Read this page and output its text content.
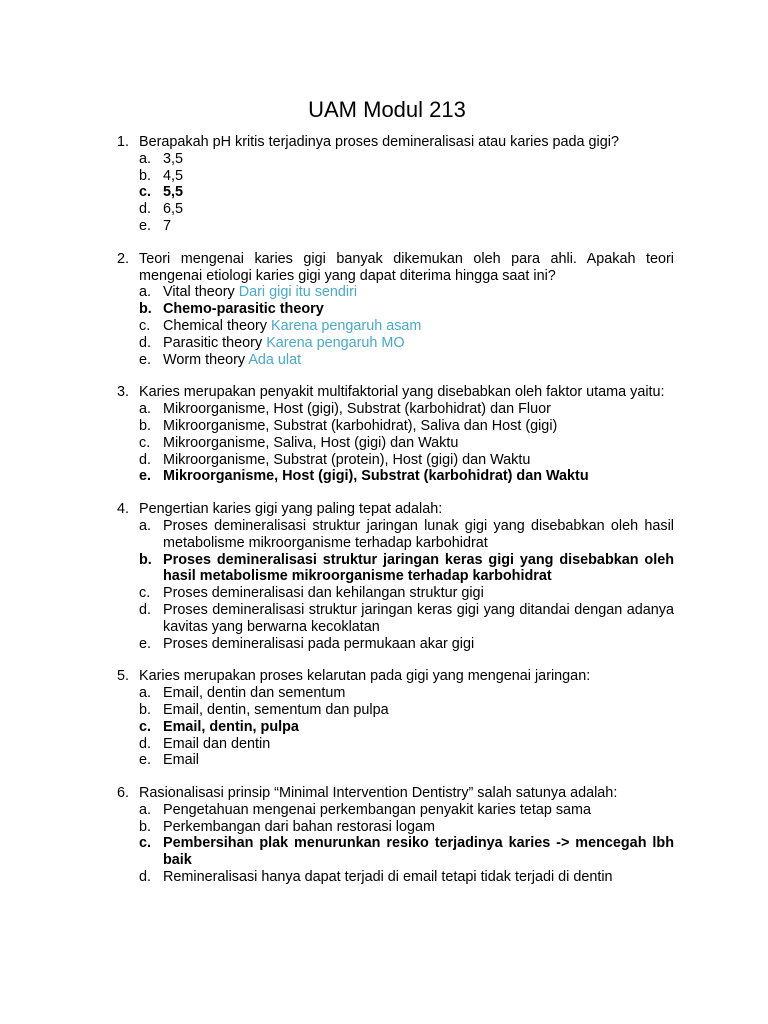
UAM Modul 213
1. Berapakah pH kritis terjadinya proses demineralisasi atau karies pada gigi?
a. 3,5
b. 4,5
c. 5,5
d. 6,5
e. 7
2. Teori mengenai karies gigi banyak dikemukan oleh para ahli. Apakah teori mengenai etiologi karies gigi yang dapat diterima hingga saat ini?
a. Vital theory Dari gigi itu sendiri
b. Chemo-parasitic theory
c. Chemical theory Karena pengaruh asam
d. Parasitic theory Karena pengaruh MO
e. Worm theory Ada ulat
3. Karies merupakan penyakit multifaktorial yang disebabkan oleh faktor utama yaitu:
a. Mikroorganisme, Host (gigi), Substrat (karbohidrat) dan Fluor
b. Mikroorganisme, Substrat (karbohidrat), Saliva dan Host (gigi)
c. Mikroorganisme, Saliva, Host (gigi) dan Waktu
d. Mikroorganisme, Substrat (protein), Host (gigi) dan Waktu
e. Mikroorganisme, Host (gigi), Substrat (karbohidrat) dan Waktu
4. Pengertian karies gigi yang paling tepat adalah:
a. Proses demineralisasi struktur jaringan lunak gigi yang disebabkan oleh hasil metabolisme mikroorganisme terhadap karbohidrat
b. Proses demineralisasi struktur jaringan keras gigi yang disebabkan oleh hasil metabolisme mikroorganisme terhadap karbohidrat
c. Proses demineralisasi dan kehilangan struktur gigi
d. Proses demineralisasi struktur jaringan keras gigi yang ditandai dengan adanya kavitas yang berwarna kecoklatan
e. Proses demineralisasi pada permukaan akar gigi
5. Karies merupakan proses kelarutan pada gigi yang mengenai jaringan:
a. Email, dentin dan sementum
b. Email, dentin, sementum dan pulpa
c. Email, dentin, pulpa
d. Email dan dentin
e. Email
6. Rasionalisasi prinsip “Minimal Intervention Dentistry” salah satunya adalah:
a. Pengetahuan mengenai perkembangan penyakit karies tetap sama
b. Perkembangan dari bahan restorasi logam
c. Pembersihan plak menurunkan resiko terjadinya karies -> mencegah lbh baik
d. Remineralisasi hanya dapat terjadi di email tetapi tidak terjadi di dentin
